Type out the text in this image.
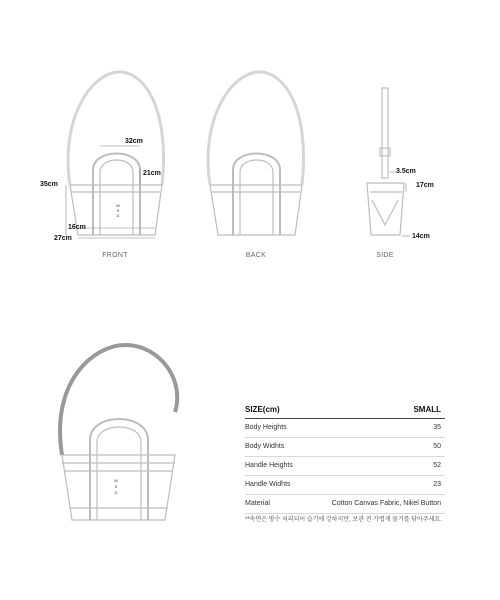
FRONT	BACK	SIDE
32cm
35cm
21cm
16cm
27cm
3.5cm
17cm
14cm
W
S
D
W
S
D
SIZE(cm)	SMALL
Body Heights	35
Body Widhts	50
Handle Heights	52
Handle Widhts	23
Material	Cotton Canvas Fabric, Nikel Button
**속면은 방수 처리되어 습기에 강하지만, 보관 전 가볍게 물기를 닦아주세요.
